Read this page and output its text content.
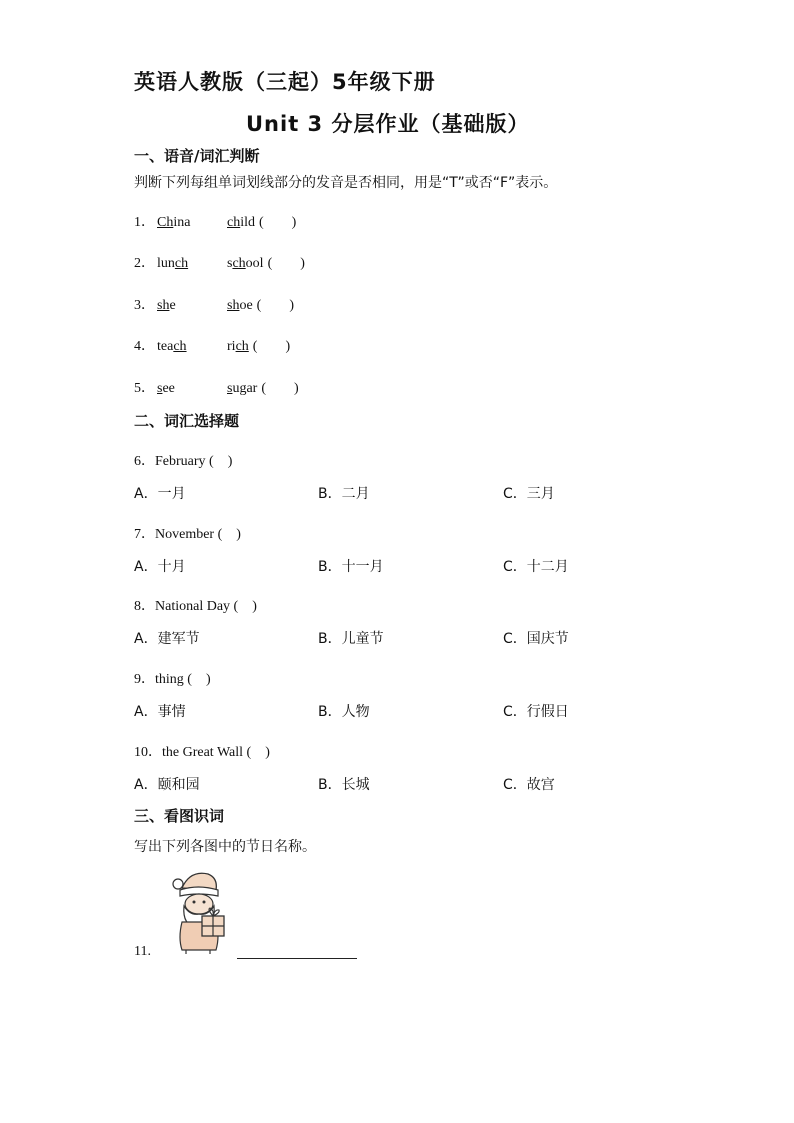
英语人教版（三起）5年级下册
Unit 3 分层作业（基础版）
一、语音/词汇判断
判断下列每组单词划线部分的发音是否相同，用是“T”或否“F”表示。
1． China	child (　　)
2． lunch	school (　　)
3． she	shoe (　　)
4． teach	rich (　　)
5． see	sugar (　　)
二、词汇选择题
6．February (　)
A．一月	B．二月	C．三月
7．November (　)
A．十月	B．十一月	C．十二月
8．National Day (　)
A．建军节	B．儿童节	C．国庆节
9．thing (　)
A．事情	B．人物	C．行假日
10．the Great Wall (　)
A．颐和园	B．长城	C．故宫
三、看图识词
写出下列各图中的节日名称。
11.
